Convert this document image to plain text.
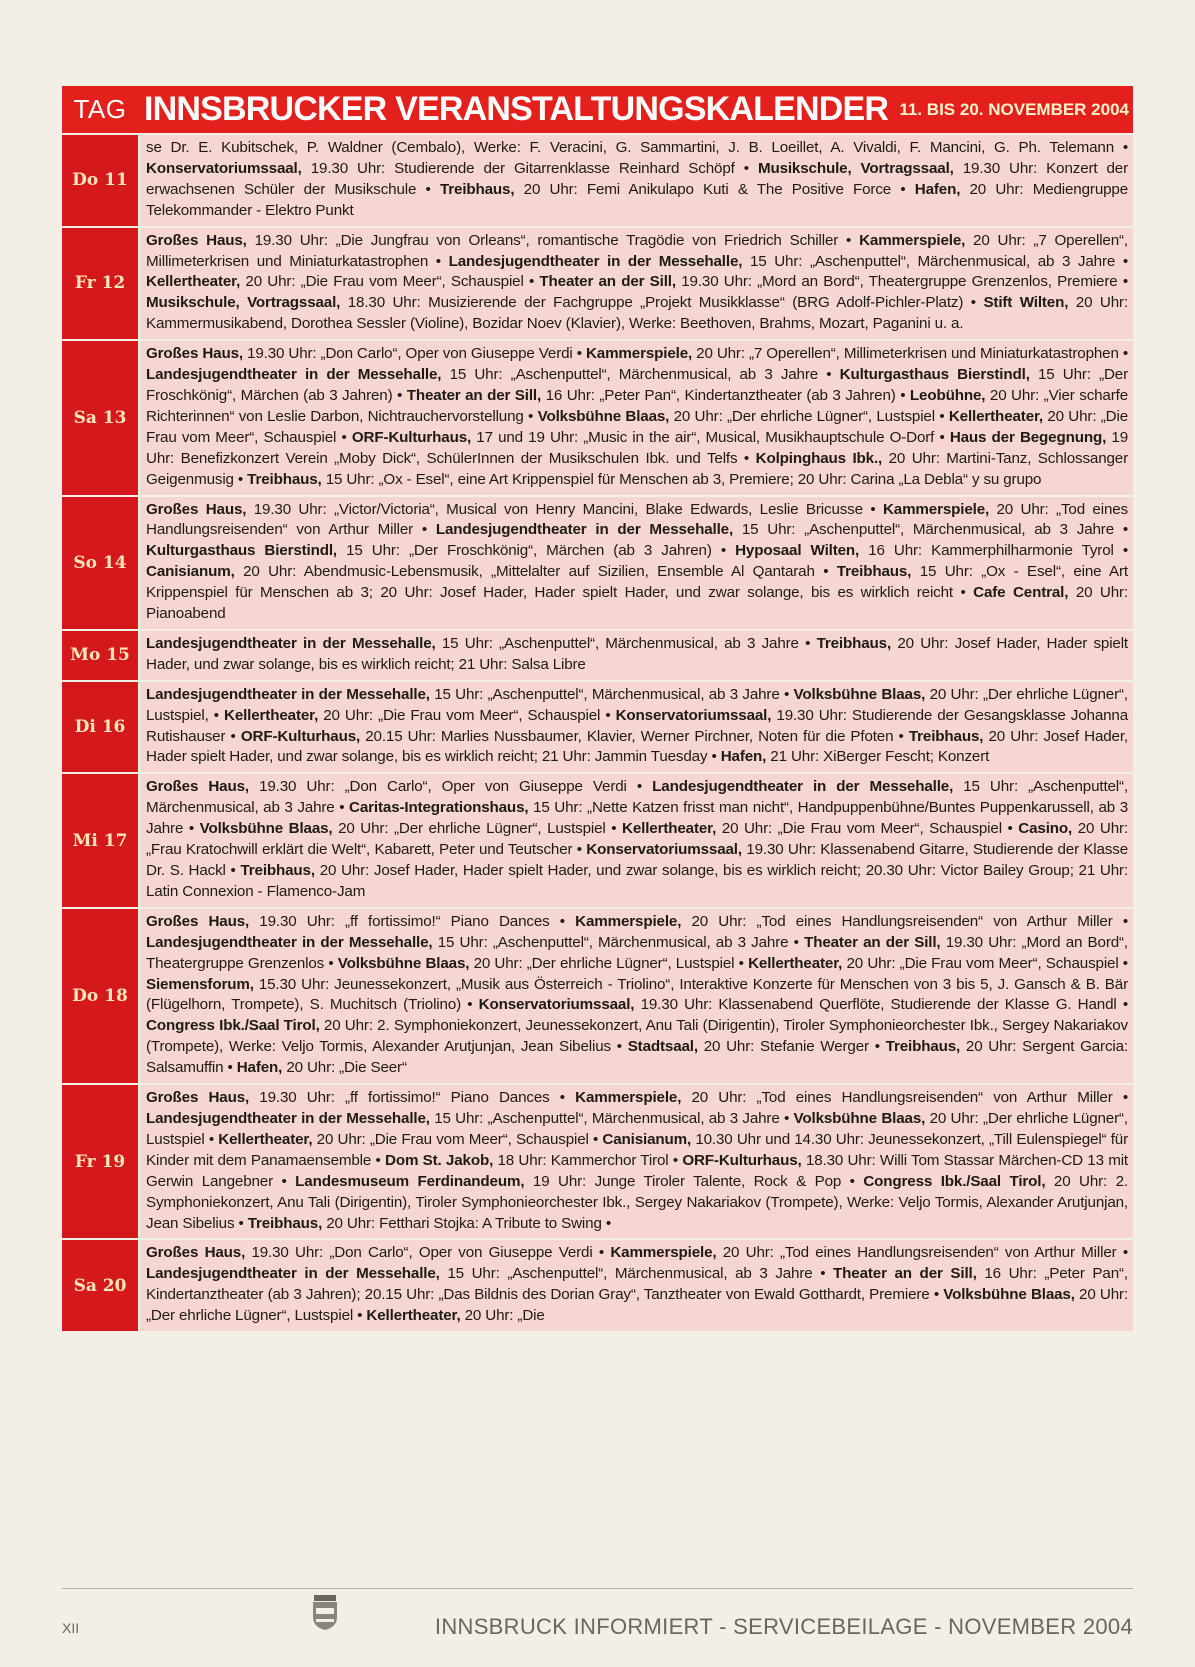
TAG INNSBRUCKER VERANSTALTUNGSKALENDER 11. BIS 20. NOVEMBER 2004
Do 11
se Dr. E. Kubitschek, P. Waldner (Cembalo), Werke: F. Veracini, G. Sammartini, J. B. Loeillet, A. Vivaldi, F. Mancini, G. Ph. Telemann • Konservatoriumssaal, 19.30 Uhr: Studierende der Gitarrenklasse Reinhard Schöpf • Musikschule, Vortragssaal, 19.30 Uhr: Konzert der erwachsenen Schüler der Musikschule • Treibhaus, 20 Uhr: Femi Anikulapo Kuti & The Positive Force • Hafen, 20 Uhr: Mediengruppe Telekommander - Elektro Punkt
Fr 12
Großes Haus, 19.30 Uhr: „Die Jungfrau von Orleans“, romantische Tragödie von Friedrich Schiller • Kammerspiele, 20 Uhr: „7 Operellen“, Millimeterkrisen und Miniaturkatastrophen • Landesjugendtheater in der Messehalle, 15 Uhr: „Aschenputtel“, Märchenmusical, ab 3 Jahre • Kellertheater, 20 Uhr: „Die Frau vom Meer“, Schauspiel • Theater an der Sill, 19.30 Uhr: „Mord an Bord“, Theatergruppe Grenzenlos, Premiere • Musikschule, Vortragssaal, 18.30 Uhr: Musizierende der Fachgruppe „Projekt Musikklasse“ (BRG Adolf-Pichler-Platz) • Stift Wilten, 20 Uhr: Kammermusikabend, Dorothea Sessler (Violine), Bozidar Noev (Klavier), Werke: Beethoven, Brahms, Mozart, Paganini u. a.
Sa 13
Großes Haus, 19.30 Uhr: „Don Carlo“, Oper von Giuseppe Verdi • Kammerspiele, 20 Uhr: „7 Operellen“, Millimeterkrisen und Miniaturkatastrophen • Landesjugendtheater in der Messehalle, 15 Uhr: „Aschenputtel“, Märchenmusical, ab 3 Jahre • Kulturgasthaus Bierstindl, 15 Uhr: „Der Froschkönig“, Märchen (ab 3 Jahren) • Theater an der Sill, 16 Uhr: „Peter Pan“, Kindertanztheater (ab 3 Jahren) • Leobühne, 20 Uhr: „Vier scharfe Richterinnen“ von Leslie Darbon, Nichtrauchervorstellung • Volksbühne Blaas, 20 Uhr: „Der ehrliche Lügner“, Lustspiel • Kellertheater, 20 Uhr: „Die Frau vom Meer“, Schauspiel • ORF-Kulturhaus, 17 und 19 Uhr: „Music in the air“, Musical, Musikhauptschule O-Dorf • Haus der Begegnung, 19 Uhr: Benefizkonzert Verein „Moby Dick“, SchülerInnen der Musikschulen Ibk. und Telfs • Kolpinghaus Ibk., 20 Uhr: Martini-Tanz, Schlossanger Geigenmusig • Treibhaus, 15 Uhr: „Ox - Esel“, eine Art Krippenspiel für Menschen ab 3, Premiere; 20 Uhr: Carina „La Debla“ y su grupo
So 14
Großes Haus, 19.30 Uhr: „Victor/Victoria“, Musical von Henry Mancini, Blake Edwards, Leslie Bricusse • Kammerspiele, 20 Uhr: „Tod eines Handlungsreisenden“ von Arthur Miller • Landesjugendtheater in der Messehalle, 15 Uhr: „Aschenputtel“, Märchenmusical, ab 3 Jahre • Kulturgasthaus Bierstindl, 15 Uhr: „Der Froschkönig“, Märchen (ab 3 Jahren) • Hyposaal Wilten, 16 Uhr: Kammerphilharmonie Tyrol • Canisianum, 20 Uhr: Abendmusic-Lebensmusik, „Mittelalter auf Sizilien, Ensemble Al Qantarah • Treibhaus, 15 Uhr: „Ox - Esel“, eine Art Krippenspiel für Menschen ab 3; 20 Uhr: Josef Hader, Hader spielt Hader, und zwar solange, bis es wirklich reicht • Cafe Central, 20 Uhr: Pianoabend
Mo 15
Landesjugendtheater in der Messehalle, 15 Uhr: „Aschenputtel“, Märchenmusical, ab 3 Jahre • Treibhaus, 20 Uhr: Josef Hader, Hader spielt Hader, und zwar solange, bis es wirklich reicht; 21 Uhr: Salsa Libre
Di 16
Landesjugendtheater in der Messehalle, 15 Uhr: „Aschenputtel“, Märchenmusical, ab 3 Jahre • Volksbühne Blaas, 20 Uhr: „Der ehrliche Lügner“, Lustspiel, • Kellertheater, 20 Uhr: „Die Frau vom Meer“, Schauspiel • Konservatoriumssaal, 19.30 Uhr: Studierende der Gesangsklasse Johanna Rutishauser • ORF-Kulturhaus, 20.15 Uhr: Marlies Nussbaumer, Klavier, Werner Pirchner, Noten für die Pfoten • Treibhaus, 20 Uhr: Josef Hader, Hader spielt Hader, und zwar solange, bis es wirklich reicht; 21 Uhr: Jammin Tuesday • Hafen, 21 Uhr: XiBerger Fescht; Konzert
Mi 17
Großes Haus, 19.30 Uhr: „Don Carlo“, Oper von Giuseppe Verdi • Landesjugendtheater in der Messehalle, 15 Uhr: „Aschenputtel“, Märchenmusical, ab 3 Jahre • Caritas-Integrationshaus, 15 Uhr: „Nette Katzen frisst man nicht“, Handpuppenbühne/Buntes Puppenkarussell, ab 3 Jahre • Volksbühne Blaas, 20 Uhr: „Der ehrliche Lügner“, Lustspiel • Kellertheater, 20 Uhr: „Die Frau vom Meer“, Schauspiel • Casino, 20 Uhr: „Frau Kratochwill erklärt die Welt“, Kabarett, Peter und Teutscher • Konservatoriumssaal, 19.30 Uhr: Klassenabend Gitarre, Studierende der Klasse Dr. S. Hackl • Treibhaus, 20 Uhr: Josef Hader, Hader spielt Hader, und zwar solange, bis es wirklich reicht; 20.30 Uhr: Victor Bailey Group; 21 Uhr: Latin Connexion - Flamenco-Jam
Do 18
Großes Haus, 19.30 Uhr: „ff fortissimo!“ Piano Dances • Kammerspiele, 20 Uhr: „Tod eines Handlungsreisenden“ von Arthur Miller • Landesjugendtheater in der Messehalle, 15 Uhr: „Aschenputtel“, Märchenmusical, ab 3 Jahre • Theater an der Sill, 19.30 Uhr: „Mord an Bord“, Theatergruppe Grenzenlos • Volksbühne Blaas, 20 Uhr: „Der ehrliche Lügner“, Lustspiel • Kellertheater, 20 Uhr: „Die Frau vom Meer“, Schauspiel • Siemensforum, 15.30 Uhr: Jeunessekonzert, „Musik aus Österreich - Triolino“, Interaktive Konzerte für Menschen von 3 bis 5, J. Gansch & B. Bär (Flügelhorn, Trompete), S. Muchitsch (Triolino) • Konservatoriumssaal, 19.30 Uhr: Klassenabend Querflöte, Studierende der Klasse G. Handl • Congress Ibk./Saal Tirol, 20 Uhr: 2. Symphoniekonzert, Jeunessekonzert, Anu Tali (Dirigentin), Tiroler Symphonieorchester Ibk., Sergey Nakariakov (Trompete), Werke: Veljo Tormis, Alexander Arutjunjan, Jean Sibelius • Stadtsaal, 20 Uhr: Stefanie Werger • Treibhaus, 20 Uhr: Sergent Garcia: Salsamuffin • Hafen, 20 Uhr: „Die Seer“
Fr 19
Großes Haus, 19.30 Uhr: „ff fortissimo!“ Piano Dances • Kammerspiele, 20 Uhr: „Tod eines Handlungsreisenden“ von Arthur Miller • Landesjugendtheater in der Messehalle, 15 Uhr: „Aschenputtel“, Märchenmusical, ab 3 Jahre • Volksbühne Blaas, 20 Uhr: „Der ehrliche Lügner“, Lustspiel • Kellertheater, 20 Uhr: „Die Frau vom Meer“, Schauspiel • Canisianum, 10.30 Uhr und 14.30 Uhr: Jeunessekonzert, „Till Eulenspiegel“ für Kinder mit dem Panamaensemble • Dom St. Jakob, 18 Uhr: Kammerchor Tirol • ORF-Kulturhaus, 18.30 Uhr: Willi Tom Stassar Märchen-CD 13 mit Gerwin Langebner • Landesmuseum Ferdinandeum, 19 Uhr: Junge Tiroler Talente, Rock & Pop • Congress Ibk./Saal Tirol, 20 Uhr: 2. Symphoniekonzert, Anu Tali (Dirigentin), Tiroler Symphonieorchester Ibk., Sergey Nakariakov (Trompete), Werke: Veljo Tormis, Alexander Arutjunjan, Jean Sibelius • Treibhaus, 20 Uhr: Fetthari Stojka: A Tribute to Swing •
Sa 20
Großes Haus, 19.30 Uhr: „Don Carlo“, Oper von Giuseppe Verdi • Kammerspiele, 20 Uhr: „Tod eines Handlungsreisenden“ von Arthur Miller • Landesjugendtheater in der Messehalle, 15 Uhr: „Aschenputtel“, Märchenmusical, ab 3 Jahre • Theater an der Sill, 16 Uhr: „Peter Pan“, Kindertanztheater (ab 3 Jahren); 20.15 Uhr: „Das Bildnis des Dorian Gray“, Tanztheater von Ewald Gotthardt, Premiere • Volksbühne Blaas, 20 Uhr: „Der ehrliche Lügner“, Lustspiel • Kellertheater, 20 Uhr: „Die
XII	INNSBRUCK INFORMIERT - SERVICEBEILAGE - NOVEMBER 2004
